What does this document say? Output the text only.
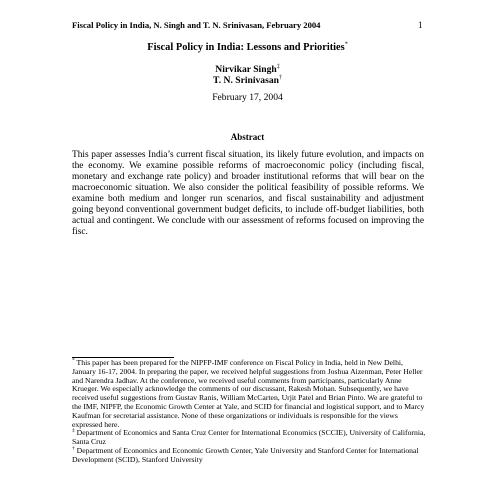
Fiscal Policy in India, N. Singh and T. N. Srinivasan, February 2004	1
Fiscal Policy in India: Lessons and Priorities*
Nirvikar Singh‡
T. N. Srinivasan†
February 17, 2004
Abstract
This paper assesses India’s current fiscal situation, its likely future evolution, and impacts on the economy. We examine possible reforms of macroeconomic policy (including fiscal, monetary and exchange rate policy) and broader institutional reforms that will bear on the macroeconomic situation. We also consider the political feasibility of possible reforms. We examine both medium and longer run scenarios, and fiscal sustainability and adjustment going beyond conventional government budget deficits, to include off-budget liabilities, both actual and contingent. We conclude with our assessment of reforms focused on improving the fisc.

* This paper has been prepared for the NIPFP-IMF conference on Fiscal Policy in India, held in New Delhi, January 16-17, 2004. In preparing the paper, we received helpful suggestions from Joshua Aizenman, Peter Heller and Narendra Jadhav. At the conference, we received useful comments from participants, particularly Anne Krueger. We especially acknowledge the comments of our discussant, Rakesh Mohan. Subsequently, we have received useful suggestions from Gustav Ranis, William McCarten, Urjit Patel and Brian Pinto. We are grateful to the IMF, NIPFP, the Economic Growth Center at Yale, and SCID for financial and logistical support, and to Marcy Kaufman for secretarial assistance. None of these organizations or individuals is responsible for the views expressed here.

‡ Department of Economics and Santa Cruz Center for International Economics (SCCIE), University of California, Santa Cruz

† Department of Economics and Economic Growth Center, Yale University and Stanford Center for International Development (SCID), Stanford University
